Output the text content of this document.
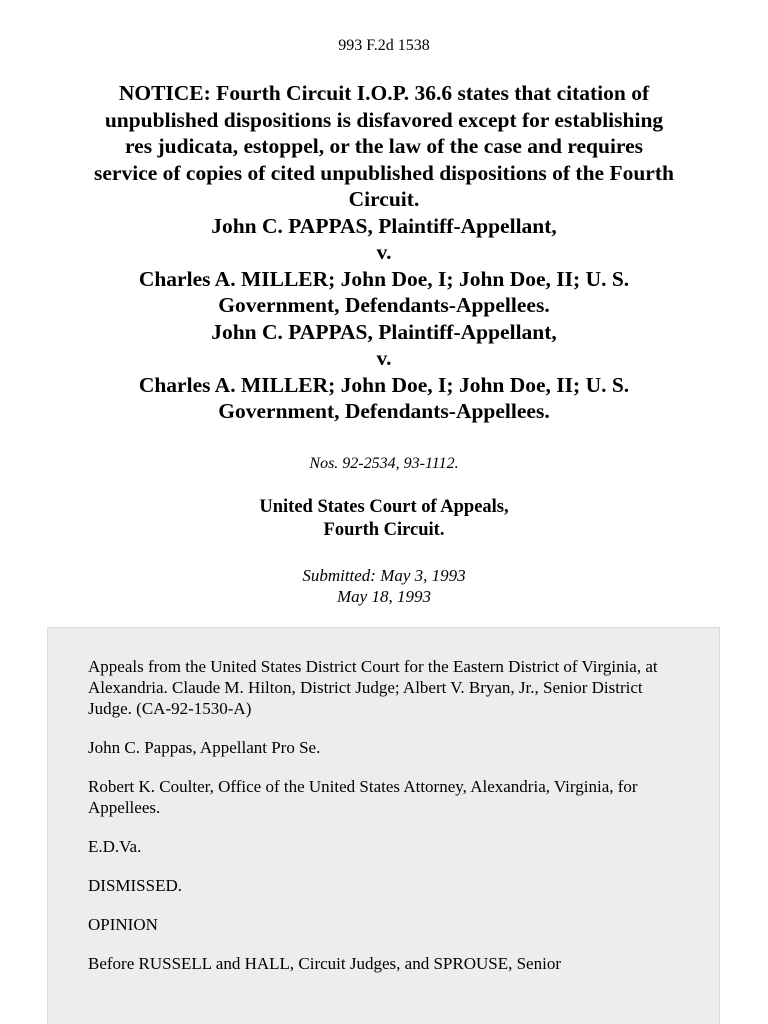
993 F.2d 1538
NOTICE: Fourth Circuit I.O.P. 36.6 states that citation of
unpublished dispositions is disfavored except for establishing
res judicata, estoppel, or the law of the case and requires
service of copies of cited unpublished dispositions of the Fourth
Circuit.
John C. PAPPAS, Plaintiff-Appellant,
v.
Charles A. MILLER; John Doe, I; John Doe, II; U. S.
Government, Defendants-Appellees.
John C. PAPPAS, Plaintiff-Appellant,
v.
Charles A. MILLER; John Doe, I; John Doe, II; U. S.
Government, Defendants-Appellees.
Nos. 92-2534, 93-1112.
United States Court of Appeals,
Fourth Circuit.
Submitted: May 3, 1993
May 18, 1993

Appeals from the United States District Court for the Eastern District of Virginia, at Alexandria. Claude M. Hilton, District Judge; Albert V. Bryan, Jr., Senior District Judge. (CA-92-1530-A)

John C. Pappas, Appellant Pro Se.

Robert K. Coulter, Office of the United States Attorney, Alexandria, Virginia, for Appellees.

E.D.Va.

DISMISSED.

OPINION

Before RUSSELL and HALL, Circuit Judges, and SPROUSE, Senior
